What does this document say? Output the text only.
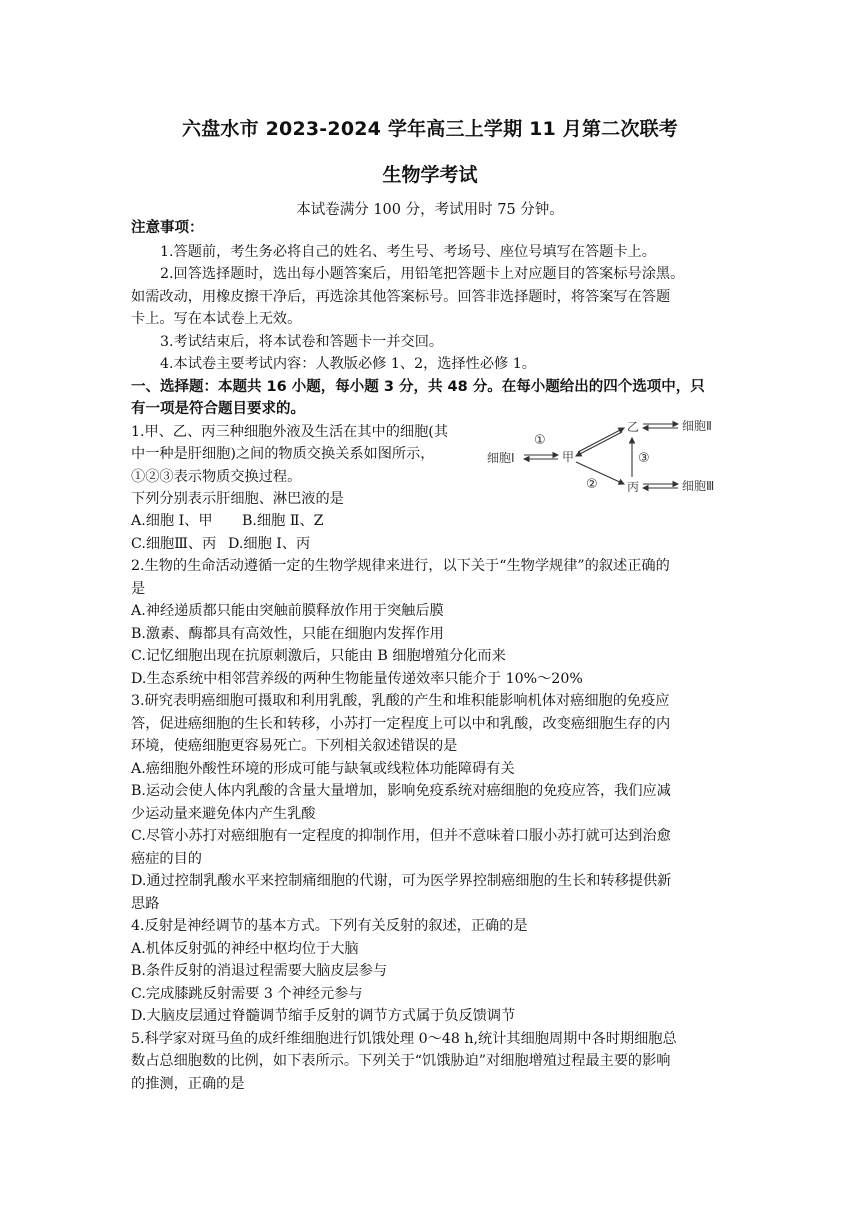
六盘水市 2023-2024 学年高三上学期 11 月第二次联考
生物学考试
本试卷满分 100 分，考试用时 75 分钟。
注意事项：
1.答题前，考生务必将自己的姓名、考生号、考场号、座位号填写在答题卡上。
2.回答选择题时，选出每小题答案后，用铅笔把答题卡上对应题目的答案标号涂黑。
如需改动，用橡皮擦干净后，再选涂其他答案标号。回答非选择题时，将答案写在答题
卡上。写在本试卷上无效。
3.考试结束后，将本试卷和答题卡一并交回。
4.本试卷主要考试内容：人教版必修 1、2，选择性必修 1。
一、选择题：本题共 16 小题，每小题 3 分，共 48 分。在每小题给出的四个选项中，只
有一项是符合题目要求的。
1.甲、乙、丙三种细胞外液及生活在其中的细胞(其
中一种是肝细胞)之间的物质交换关系如图所示，
①②③表示物质交换过程。
下列分别表示肝细胞、淋巴液的是
A.细胞 I、甲 B.细胞 Ⅱ、Z
C.细胞Ⅲ、丙 D.细胞 I、丙
细胞Ⅰ	甲
乙
丙
细胞Ⅱ
细胞Ⅲ
①
②
③
2.生物的生命活动遵循一定的生物学规律来进行，以下关于“生物学规律”的叙述正确的
是
A.神经递质都只能由突触前膜释放作用于突触后膜
B.激素、酶都具有高效性，只能在细胞内发挥作用
C.记忆细胞出现在抗原刺激后，只能由 B 细胞增殖分化而来
D.生态系统中相邻营养级的两种生物能量传递效率只能介于 10%～20%
3.研究表明癌细胞可摄取和利用乳酸，乳酸的产生和堆积能影响机体对癌细胞的免疫应
答，促进癌细胞的生长和转移，小苏打一定程度上可以中和乳酸，改变癌细胞生存的内
环境，使癌细胞更容易死亡。下列相关叙述错误的是
A.癌细胞外酸性环境的形成可能与缺氧或线粒体功能障碍有关
B.运动会使人体内乳酸的含量大量增加，影响免疫系统对癌细胞的免疫应答，我们应减
少运动量来避免体内产生乳酸
C.尽管小苏打对癌细胞有一定程度的抑制作用，但并不意味着口服小苏打就可达到治愈
癌症的目的
D.通过控制乳酸水平来控制痛细胞的代谢，可为医学界控制癌细胞的生长和转移提供新
思路
4.反射是神经调节的基本方式。下列有关反射的叙述，正确的是
A.机体反射弧的神经中枢均位于大脑
B.条件反射的消退过程需要大脑皮层参与
C.完成膝跳反射需要 3 个神经元参与
D.大脑皮层通过脊髓调节缩手反射的调节方式属于负反馈调节
5.科学家对斑马鱼的成纤维细胞进行饥饿处理 0～48 h,统计其细胞周期中各时期细胞总
数占总细胞数的比例，如下表所示。下列关于“饥饿胁迫”对细胞增殖过程最主要的影响
的推测，正确的是
